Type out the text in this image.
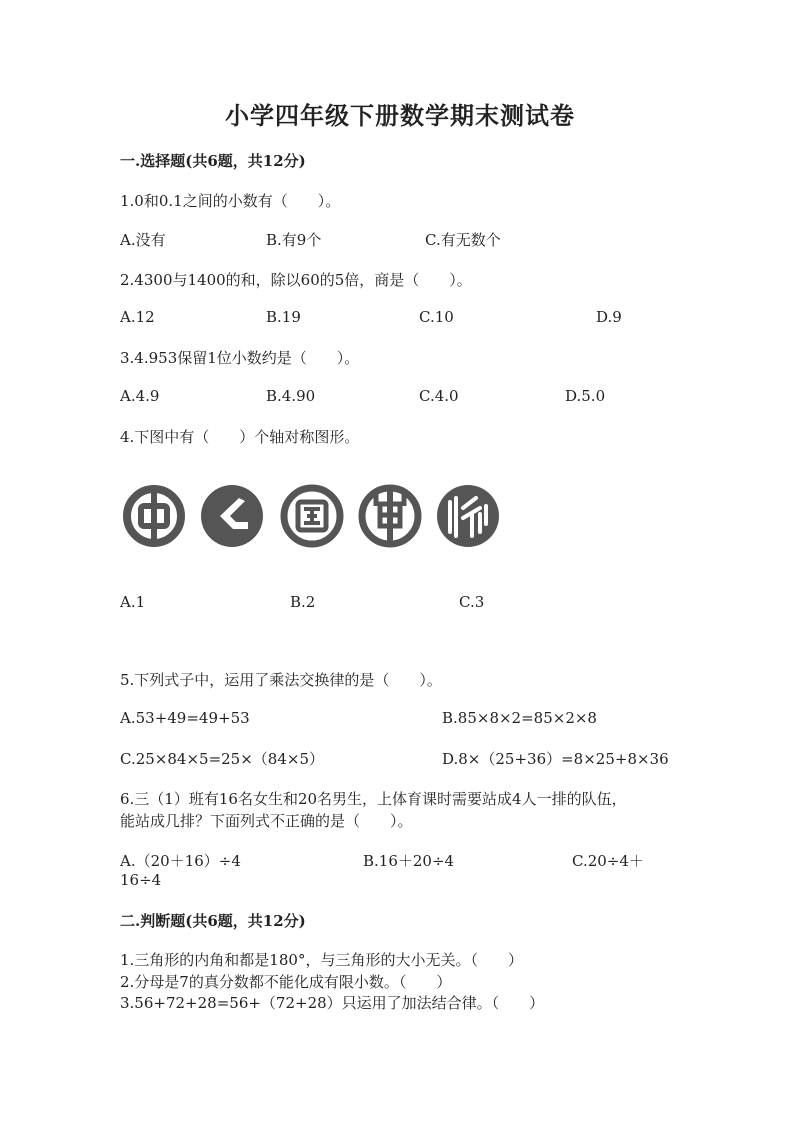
小学四年级下册数学期末测试卷
一.选择题(共6题，共12分)
1.0和0.1之间的小数有（　　）。
A.没有	B.有9个	C.有无数个
2.4300与1400的和，除以60的5倍，商是（　　）。
A.12	B.19	C.10	D.9
3.4.953保留1位小数约是（　　）。
A.4.9	B.4.90	C.4.0	D.5.0
4.下图中有（　　）个轴对称图形。
A.1	B.2	C.3
5.下列式子中，运用了乘法交换律的是（　　）。
A.53+49=49+53	B.85×8×2=85×2×8
C.25×84×5=25×（84×5）	D.8×（25+36）=8×25+8×36
6.三（1）班有16名女生和20名男生，上体育课时需要站成4人一排的队伍，
能站成几排？下面列式不正确的是（　　）。
A.（20＋16）÷4	B.16＋20÷4	C.20÷4＋
16÷4
二.判断题(共6题，共12分)
1.三角形的内角和都是180°，与三角形的大小无关。（　　）
2.分母是7的真分数都不能化成有限小数。（　　）
3.56+72+28=56+（72+28）只运用了加法结合律。（　　）
